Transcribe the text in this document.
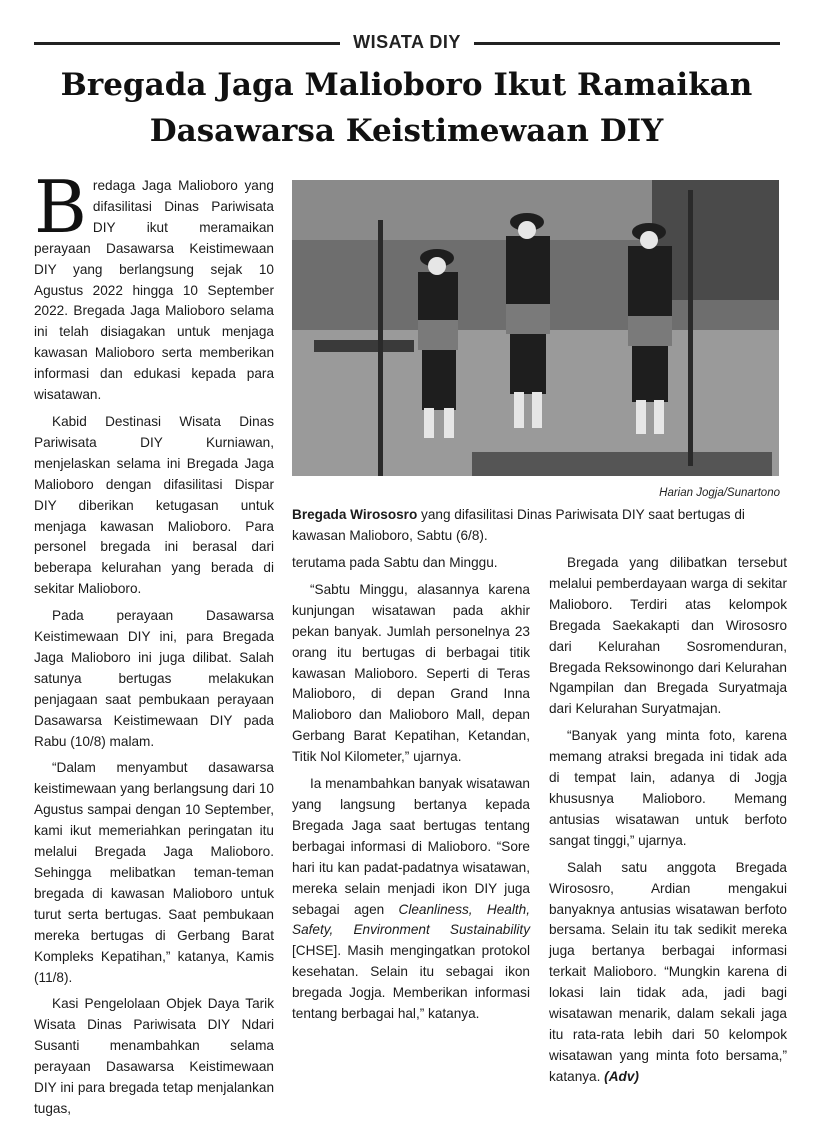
WISATA DIY
Bregada Jaga Malioboro Ikut Ramaikan
Dasawarsa Keistimewaan DIY

Bredaga Jaga Malioboro yang difasilitasi Dinas Pariwisata DIY ikut meramaikan perayaan Dasawarsa Keistimewaan DIY yang berlangsung sejak 10 Agustus 2022 hingga 10 September 2022. Bregada Jaga Malioboro selama ini telah disiagakan untuk menjaga kawasan Malioboro serta memberikan informasi dan edukasi kepada para wisatawan.

Kabid Destinasi Wisata Dinas Pariwisata DIY Kurniawan, menjelaskan selama ini Bregada Jaga Malioboro dengan difasilitasi Dispar DIY diberikan ketugasan untuk menjaga kawasan Malioboro. Para personel bregada ini berasal dari beberapa kelurahan yang berada di sekitar Malioboro.

Pada perayaan Dasawarsa Keistimewaan DIY ini, para Bregada Jaga Malioboro ini juga dilibat. Salah satunya bertugas melakukan penjagaan saat pembukaan perayaan Dasawarsa Keistimewaan DIY pada Rabu (10/8) malam.

“Dalam menyambut dasawarsa keistimewaan yang berlangsung dari 10 Agustus sampai dengan 10 September, kami ikut memeriahkan peringatan itu melalui Bregada Jaga Malioboro. Sehingga melibatkan teman-teman bregada di kawasan Malioboro untuk turut serta bertugas. Saat pembukaan mereka bertugas di Gerbang Barat Kompleks Kepatihan,” katanya, Kamis (11/8).

Kasi Pengelolaan Objek Daya Tarik Wisata Dinas Pariwisata DIY Ndari Susanti menambahkan selama perayaan Dasawarsa Keistimewaan DIY ini para bregada tetap menjalankan tugas,

Harian Jogja/Sunartono
Bregada Wirososro yang difasilitasi Dinas Pariwisata DIY saat bertugas di kawasan Malioboro, Sabtu (6/8).

terutama pada Sabtu dan Minggu.

“Sabtu Minggu, alasannya karena kunjungan wisatawan pada akhir pekan banyak. Jumlah personelnya 23 orang itu bertugas di berbagai titik kawasan Malioboro. Seperti di Teras Malioboro, di depan Grand Inna Malioboro dan Malioboro Mall, depan Gerbang Barat Kepatihan, Ketandan, Titik Nol Kilometer,” ujarnya.

Ia menambahkan banyak wisatawan yang langsung bertanya kepada Bregada Jaga saat bertugas tentang berbagai informasi di Malioboro. “Sore hari itu kan padat-padatnya wisatawan, mereka selain menjadi ikon DIY juga sebagai agen Cleanliness, Health, Safety, Environment Sustainability [CHSE]. Masih mengingatkan protokol kesehatan. Selain itu sebagai ikon bregada Jogja. Memberikan informasi tentang berbagai hal,” katanya.

Bregada yang dilibatkan tersebut melalui pemberdayaan warga di sekitar Malioboro. Terdiri atas kelompok Bregada Saekakapti dan Wirososro dari Kelurahan Sosromenduran, Bregada Reksowinongo dari Kelurahan Ngampilan dan Bregada Suryatmaja dari Kelurahan Suryatmajan.

“Banyak yang minta foto, karena memang atraksi bregada ini tidak ada di tempat lain, adanya di Jogja khususnya Malioboro. Memang antusias wisatawan untuk berfoto sangat tinggi,” ujarnya.

Salah satu anggota Bregada Wirososro, Ardian mengakui banyaknya antusias wisatawan berfoto bersama. Selain itu tak sedikit mereka juga bertanya berbagai informasi terkait Malioboro. “Mungkin karena di lokasi lain tidak ada, jadi bagi wisatawan menarik, dalam sekali jaga itu rata-rata lebih dari 50 kelompok wisatawan yang minta foto bersama,” katanya. (Adv)
